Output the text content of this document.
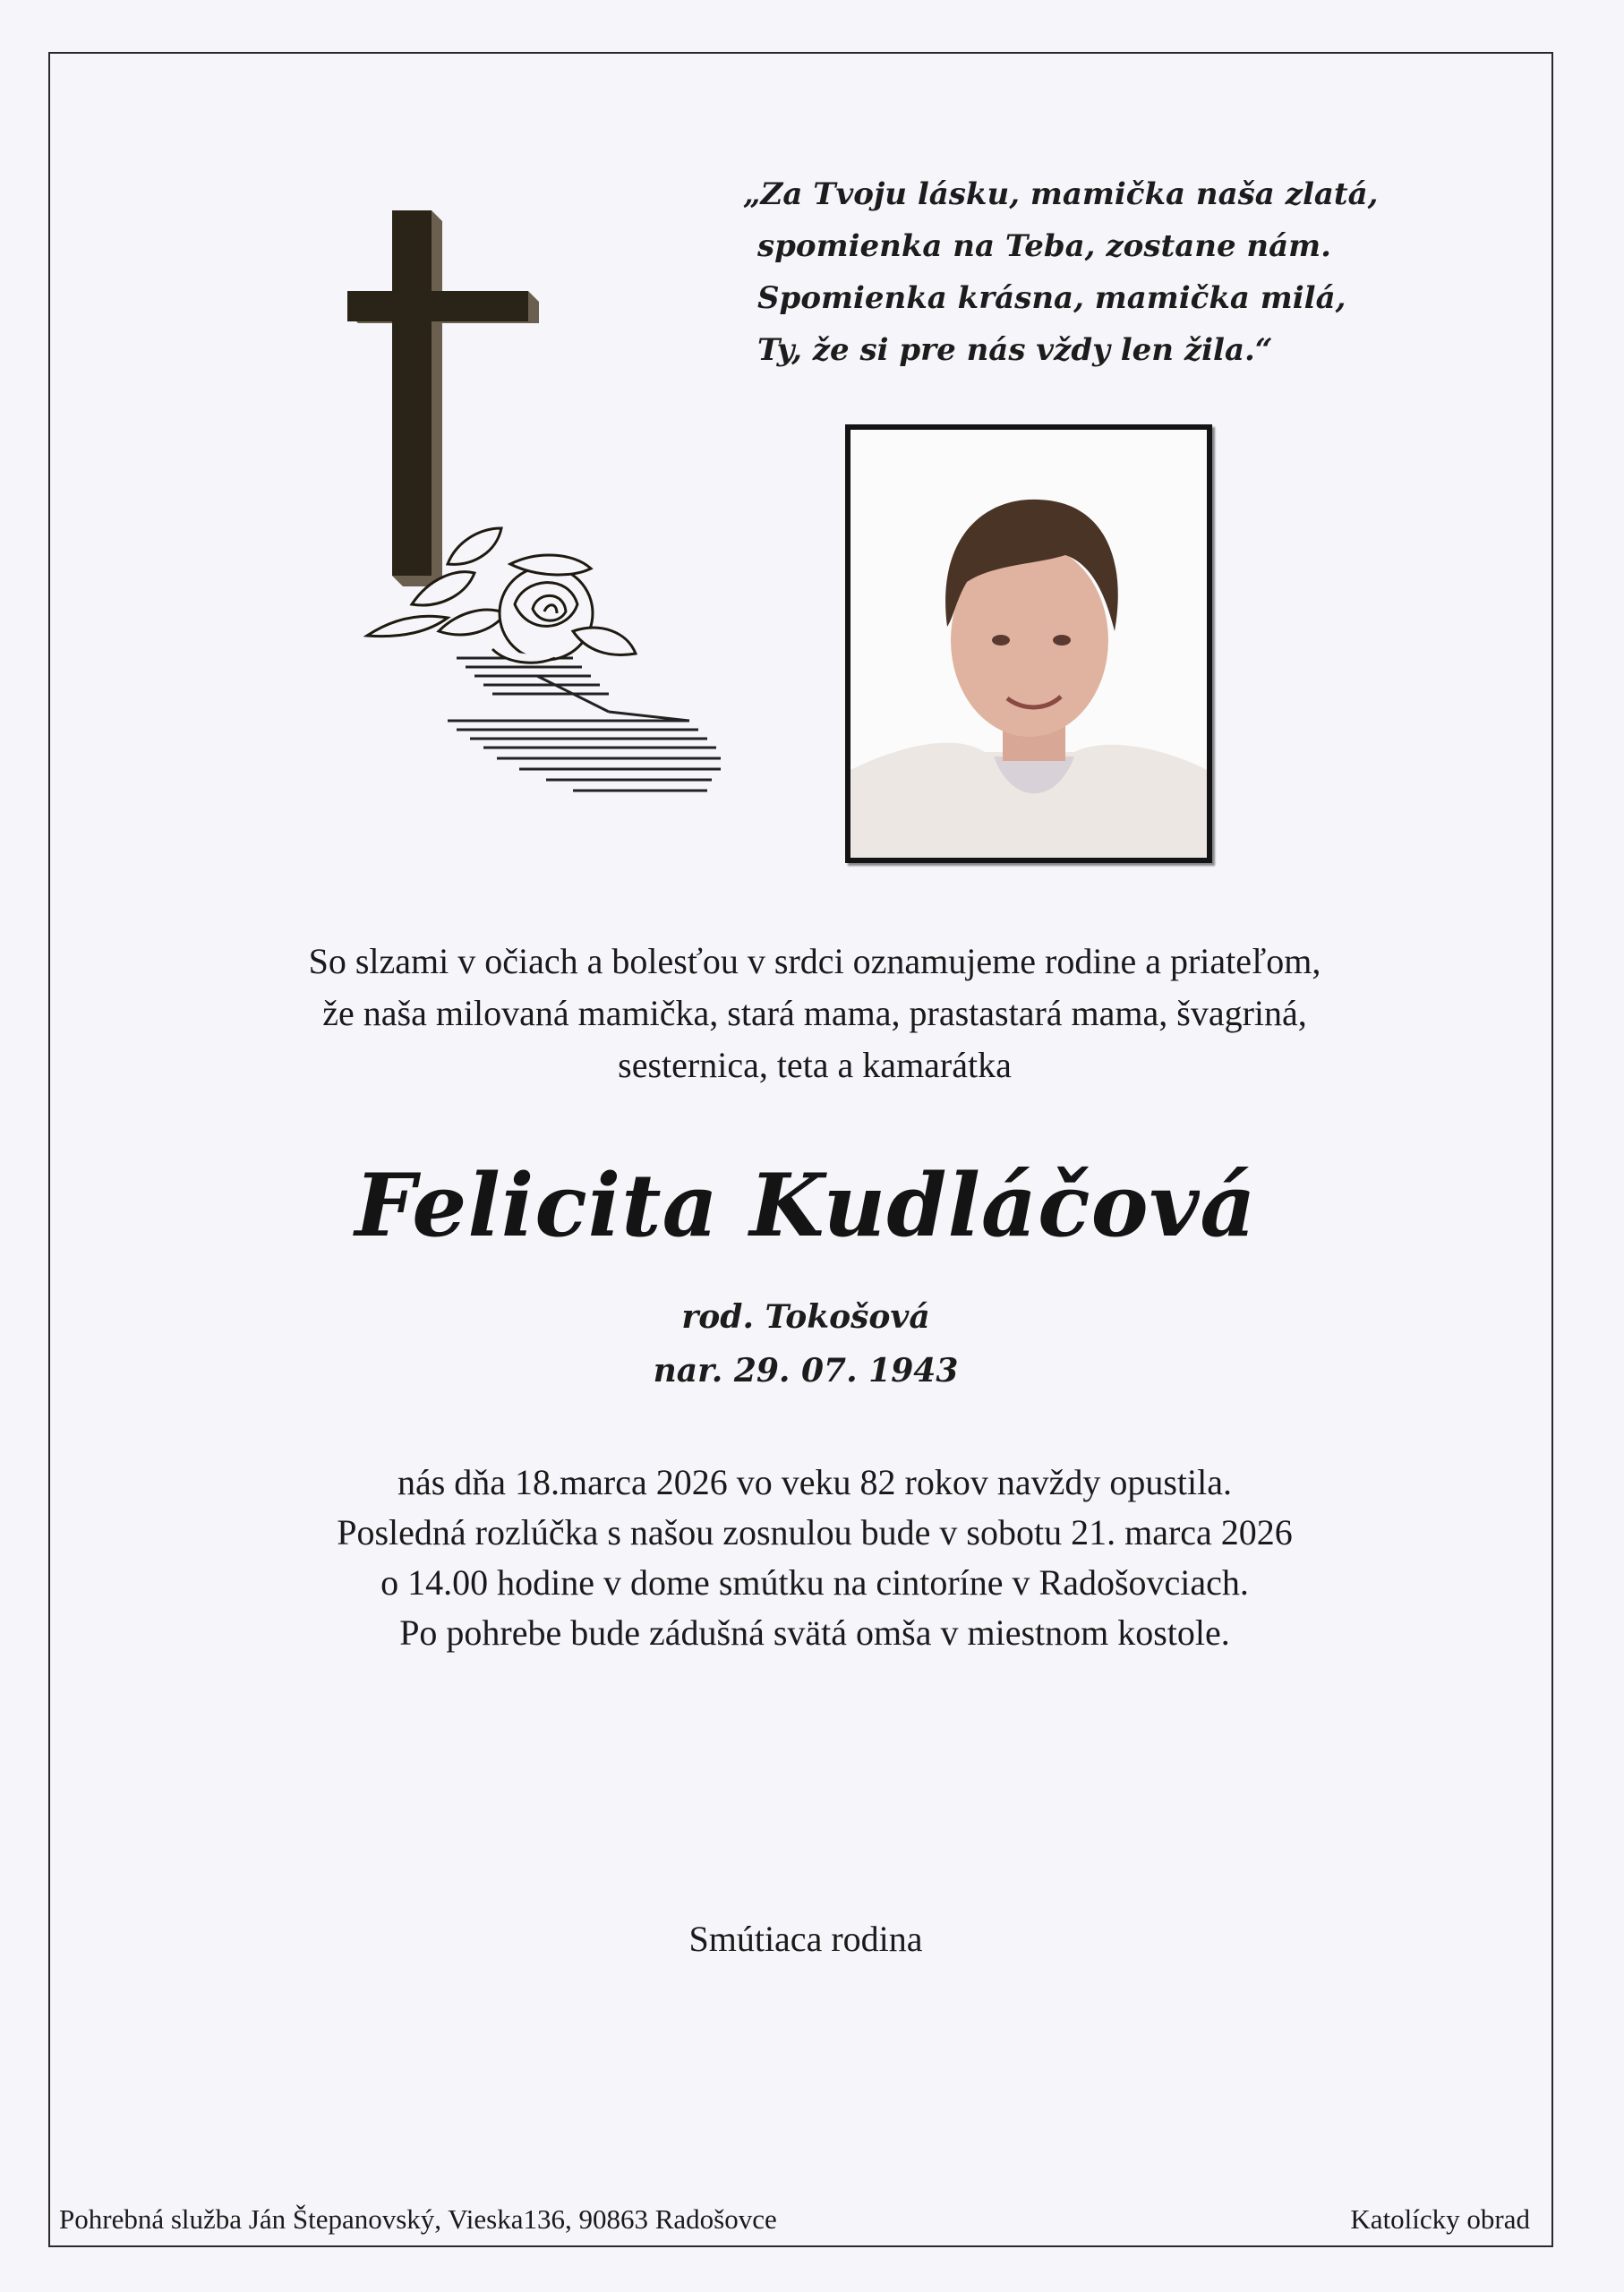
„Za Tvoju lásku, mamička naša zlatá,
spomienka na Teba, zostane nám.
Spomienka krásna, mamička milá,
Ty, že si pre nás vždy len žila.“
So slzami v očiach a bolesťou v srdci oznamujeme rodine a priateľom,
že naša milovaná mamička, stará mama, prastastará mama, švagriná,
sesternica, teta a kamarátka
Felicita Kudláčová
rod. Tokošová
nar. 29. 07. 1943
nás dňa 18.marca 2026 vo veku 82 rokov navždy opustila.
Posledná rozlúčka s našou zosnulou bude v sobotu 21. marca 2026
o 14.00 hodine v dome smútku na cintoríne v Radošovciach.
Po pohrebe bude zádušná svätá omša v miestnom kostole.
Smútiaca rodina
Pohrebná služba Ján Štepanovský, Vieska136, 90863 Radošovce	Katolícky obrad
